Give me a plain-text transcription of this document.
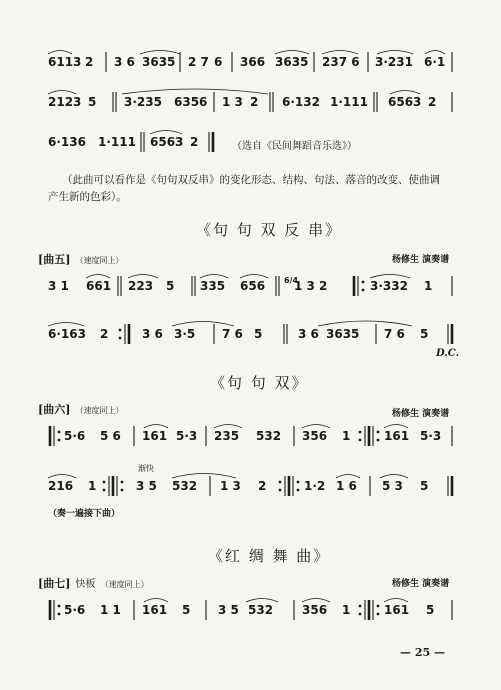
6113 2 3 6 3635 2 7 6 366 3635 237 6 3·231 6·1
2123 5 3·235 6356 1 3 2 6·132 1·111 6563 2
6·136 1·111 6563 2	（选自《民间舞蹈音乐选》）
（此曲可以看作是《句句双反串》的变化形态、结构、句法、落音的改变、使曲调
产生新的色彩）。
《句 句 双 反 串》
[曲五] （速度同上）	杨修生 演奏谱
3 1 661 223 5 335 656 6/4
1 3 2	3·332 1
6·163 2	3 6 3·5 7 6 5	3 6 3635 7 6 5
D.C.
《句 句 双》
[曲六] （速度同上）	杨修生 演奏谱
5·6 5 6 161 5·3 235 532 356 1	161 5·3
渐快
216 1	3 5 532 1 3 2	1·2 1 6 5 3 5
（奏一遍接下曲）
《红 绸 舞 曲》
[曲七] 快板 （速度同上）	杨修生 演奏谱
5·6 1 1 161 5 3 5 532 356 1	161 5
— 25 —
